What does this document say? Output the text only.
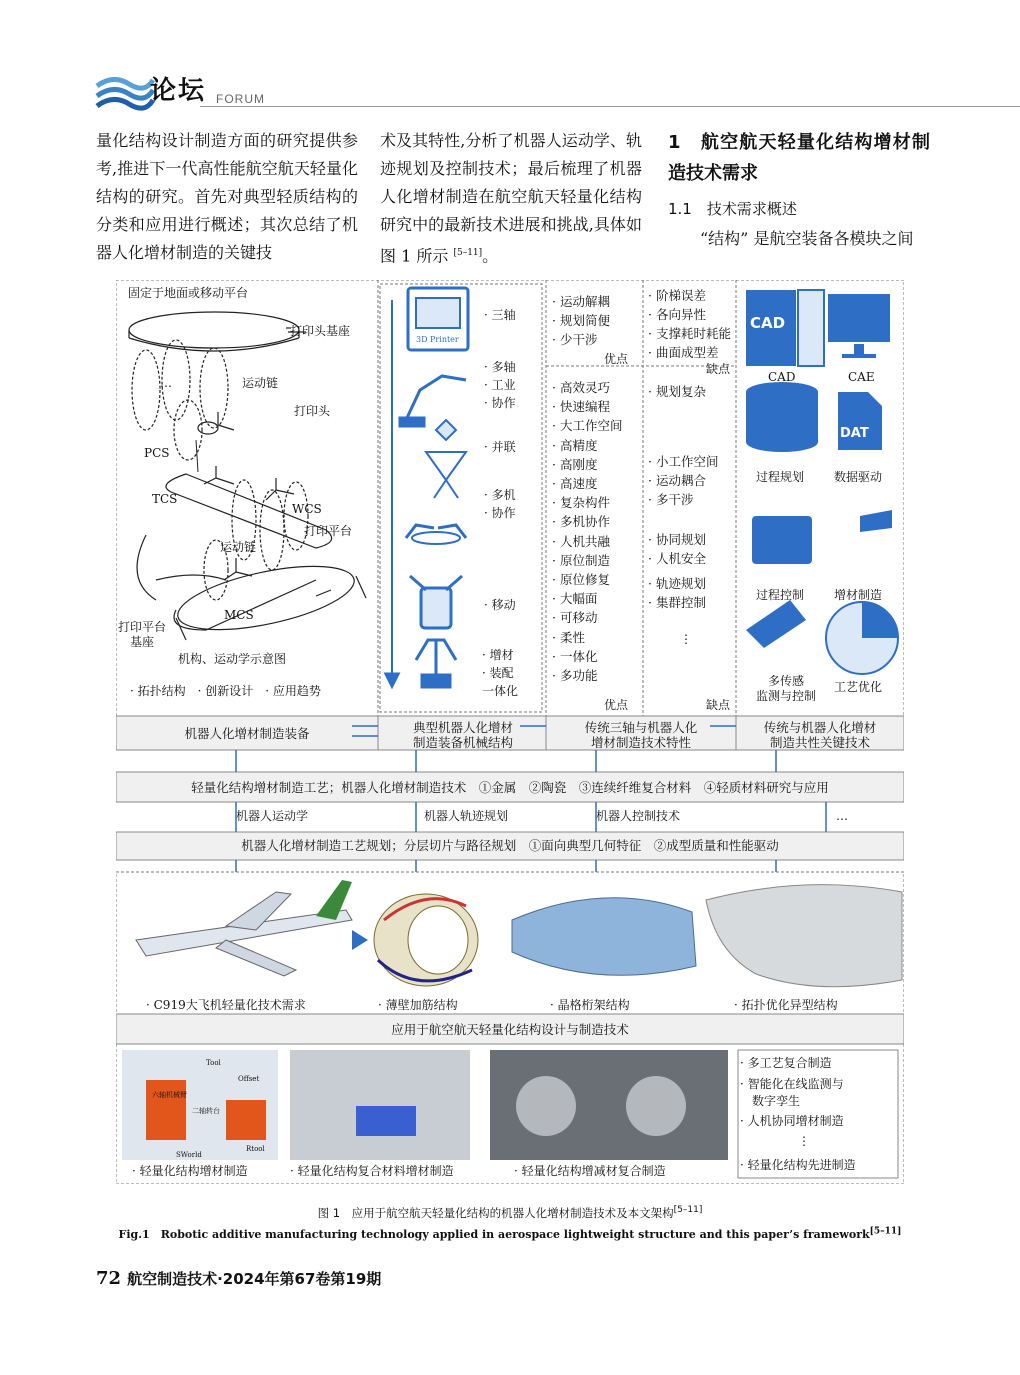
论坛 FORUM

量化结构设计制造方面的研究提供参考,推进下一代高性能航空航天轻量化结构的研究。首先对典型轻质结构的分类和应用进行概述；其次总结了机器人化增材制造的关键技

术及其特性,分析了机器人运动学、轨迹规划及控制技术；最后梳理了机器人化增材制造在航空航天轻量化结构研究中的最新技术进展和挑战,具体如图 1 所示 [5–11]。

1　航空航天轻量化结构增材制造技术需求
1.1　技术需求概述

“结构” 是航空装备各模块之间

固定于地面或移动平台
打印头基座
运动链
…
打印头
PCS
TCS
WCS
打印平台
运动链
MCS
打印平台
基座
机构、运动学示意图
· 拓扑结构　· 创新设计　· 应用趋势
机器人化增材制造装备
3D Printer
· 三轴
· 多轴
· 工业
· 协作
· 并联
· 多机
· 协作
· 移动
· 增材
· 装配
一体化
典型机器人化增材
制造装备机械结构
· 运动解耦
· 规划简便
· 少干涉
优点
· 高效灵巧
· 快速编程
· 大工作空间
· 高精度
· 高刚度
· 高速度
· 复杂构件
· 多机协作
· 人机共融
· 原位制造
· 原位修复
· 大幅面
· 可移动
· 柔性
· 一体化
· 多功能
优点
· 阶梯误差
· 各向异性
· 支撑耗时耗能
· 曲面成型差
缺点
· 规划复杂
· 小工作空间
· 运动耦合
· 多干涉
· 协同规划
· 人机安全
· 轨迹规划
· 集群控制
⋮
缺点
传统三轴与机器人化
增材制造技术特性
CAD
DAT
CAD	CAE
过程规划 数据驱动
过程控制 增材制造
多传感
监测与控制
工艺优化
传统与机器人化增材
制造共性关键技术
轻量化结构增材制造工艺；机器人化增材制造技术　①金属　②陶瓷　③连续纤维复合材料　④轻质材料研究与应用
机器人运动学	机器人轨迹规划	机器人控制技术	…
机器人化增材制造工艺规划；分层切片与路径规划　①面向典型几何特征　②成型质量和性能驱动
· C919大飞机轻量化技术需求	· 薄壁加筋结构	· 晶格桁架结构	· 拓扑优化异型结构
应用于航空航天轻量化结构设计与制造技术
六轴机械臂
二轴转台
Tool
Offset
SWorld
Rtool
· 轻量化结构增材制造	· 轻量化结构复合材料增材制造	· 轻量化结构增减材复合制造
· 多工艺复合制造
· 智能化在线监测与
　数字孪生
· 人机协同增材制造
⋮
· 轻量化结构先进制造
图 1　应用于航空航天轻量化结构的机器人化增材制造技术及本文架构[5–11]
Fig.1　Robotic additive manufacturing technology applied in aerospace lightweight structure and this paper’s framework[5–11]
72 航空制造技术·2024年第67卷第19期
